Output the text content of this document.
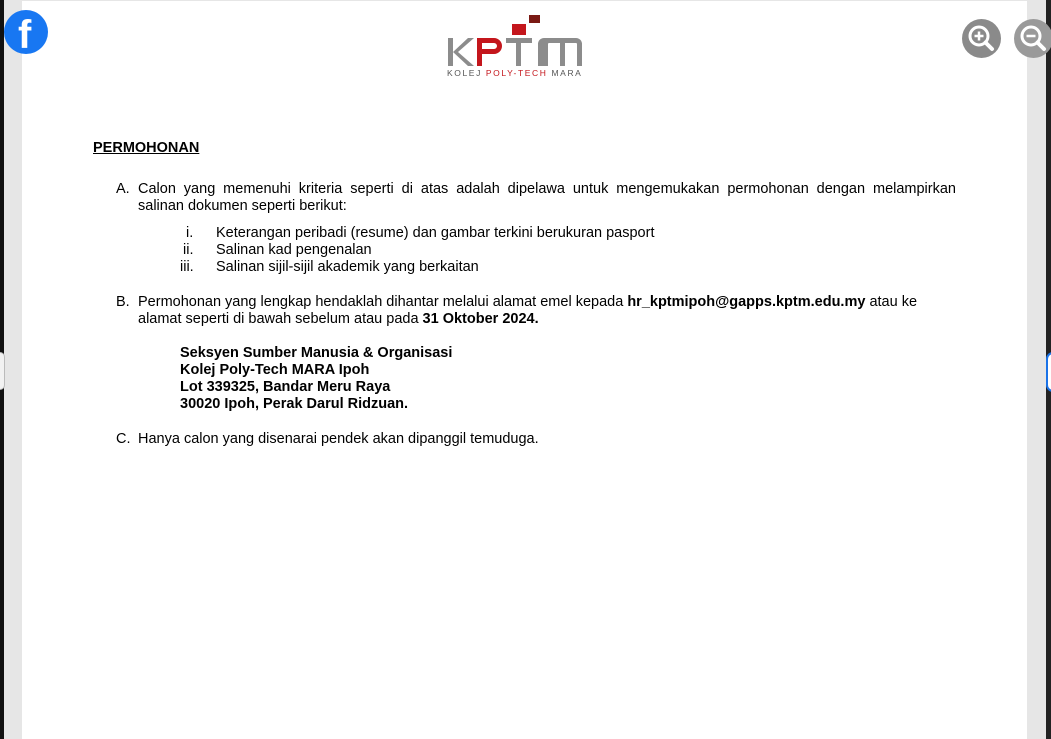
KOLEJ POLY-TECH MARA
f
PERMOHONAN
A. Calon yang memenuhi kriteria seperti di atas adalah dipelawa untuk mengemukakan permohonan dengan melampirkan
salinan dokumen seperti berikut:
i. Keterangan peribadi (resume) dan gambar terkini berukuran pasport
ii. Salinan kad pengenalan
iii. Salinan sijil-sijil akademik yang berkaitan
B. Permohonan yang lengkap hendaklah dihantar melalui alamat emel kepada hr_kptmipoh@gapps.kptm.edu.my atau ke
alamat seperti di bawah sebelum atau pada 31 Oktober 2024.
Seksyen Sumber Manusia & Organisasi
Kolej Poly-Tech MARA Ipoh
Lot 339325, Bandar Meru Raya
30020 Ipoh, Perak Darul Ridzuan.
C. Hanya calon yang disenarai pendek akan dipanggil temuduga.
